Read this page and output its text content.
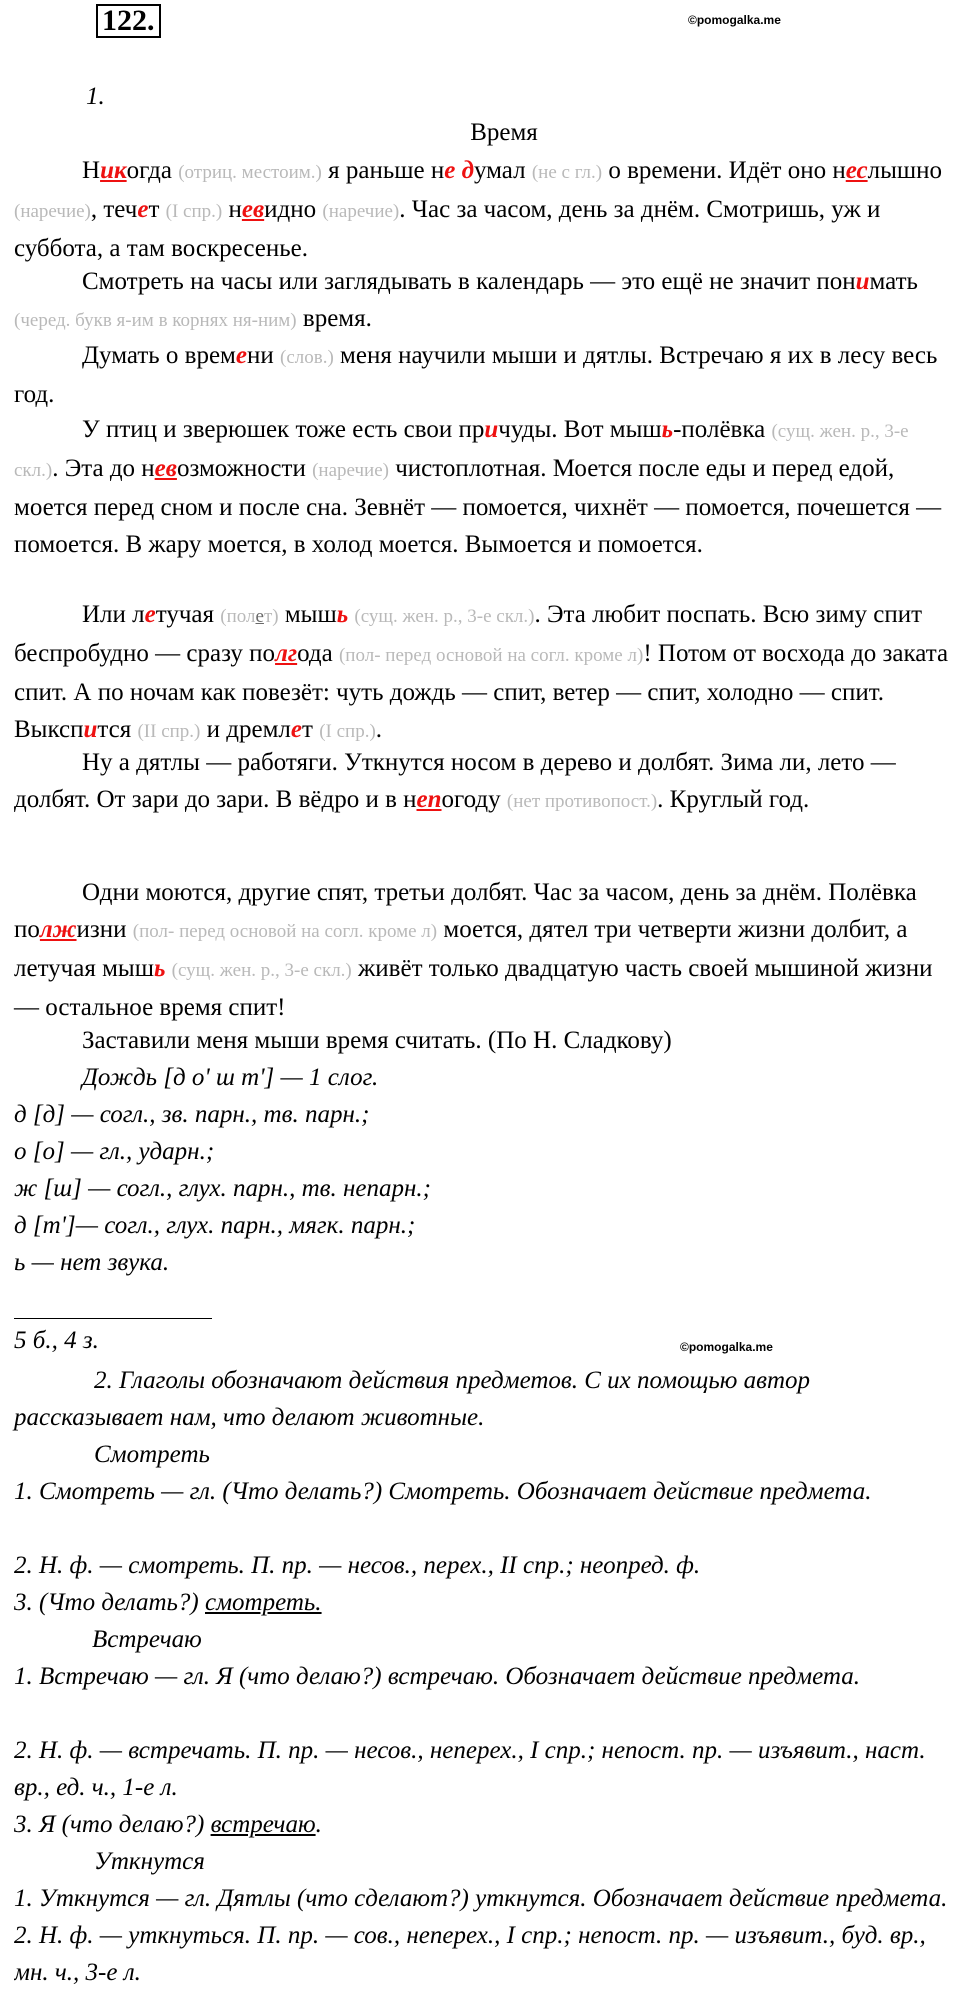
122.	©pomogalka.me
1.
Время
Никогда (отриц. местоим.) я раньше не думал (не с гл.) о времени. Идёт оно неслышно (наречие), течет (I спр.) невидно (наречие). Час за часом, день за днём. Смотришь, уж и суббота, а там воскресенье.
Смотреть на часы или заглядывать в календарь — это ещё не значит понимать (черед. букв я-им в корнях ня-ним) время.
Думать о времени (слов.) меня научили мыши и дятлы. Встречаю я их в лесу весь год.
У птиц и зверюшек тоже есть свои причуды. Вот мышь-полёвка (сущ. жен. р., 3-е скл.). Эта до невозможности (наречие) чистоплотная. Моется после еды и перед едой, моется перед сном и после сна. Зевнёт — помоется, чихнёт — помоется, почешется — помоется. В жару моется, в холод моется. Вымоется и помоется.
Или летучая (полет) мышь (сущ. жен. р., 3-е скл.). Эта любит поспать. Всю зиму спит беспробудно — сразу полгода (пол- перед основой на согл. кроме л)! Потом от восхода до заката спит. А по ночам как повезёт: чуть дождь — спит, ветер — спит, холодно — спит. Выкспится (II спр.) и дремлет (I спр.).
Ну а дятлы — работяги. Уткнутся носом в дерево и долбят. Зима ли, лето — долбят. От зари до зари. В вёдро и в непогоду (нет противопост.). Круглый год.
Одни моются, другие спят, третьи долбят. Час за часом, день за днём. Полёвка полжизни (пол- перед основой на согл. кроме л) моется, дятел три четверти жизни долбит, а летучая мышь (сущ. жен. р., 3-е скл.) живёт только двадцатую часть своей мышиной жизни — остальное время спит!
Заставили меня мыши время считать. (По Н. Сладкову)
Дождь [д о' ш т'] — 1 слог.
д [д] — согл., зв. парн., тв. парн.;
о [о] — гл., ударн.;
ж [ш] — согл., глух. парн., тв. непарн.;
д [т']— согл., глух. парн., мягк. парн.;
ь — нет звука.
5 б., 4 з.	©pomogalka.me
2. Глаголы обозначают действия предметов. С их помощью автор рассказывает нам, что делают животные.
Смотреть
1. Смотреть — гл. (Что делать?) Смотреть. Обозначает действие предмета.
2. Н. ф. — смотреть. П. пр. — несов., перех., II спр.; неопред. ф.
3. (Что делать?) смотреть.
Встречаю
1. Встречаю — гл. Я (что делаю?) встречаю. Обозначает действие предмета.
2. Н. ф. — встречать. П. пр. — несов., неперех., I спр.; непост. пр. — изъявит., наст. вр., ед. ч., 1-е л.
3. Я (что делаю?) встречаю.
Уткнутся
1. Уткнутся — гл. Дятлы (что сделают?) уткнутся. Обозначает действие предмета.
2. Н. ф. — уткнуться. П. пр. — сов., неперех., I спр.; непост. пр. — изъявит., буд. вр., мн. ч., 3-е л.
